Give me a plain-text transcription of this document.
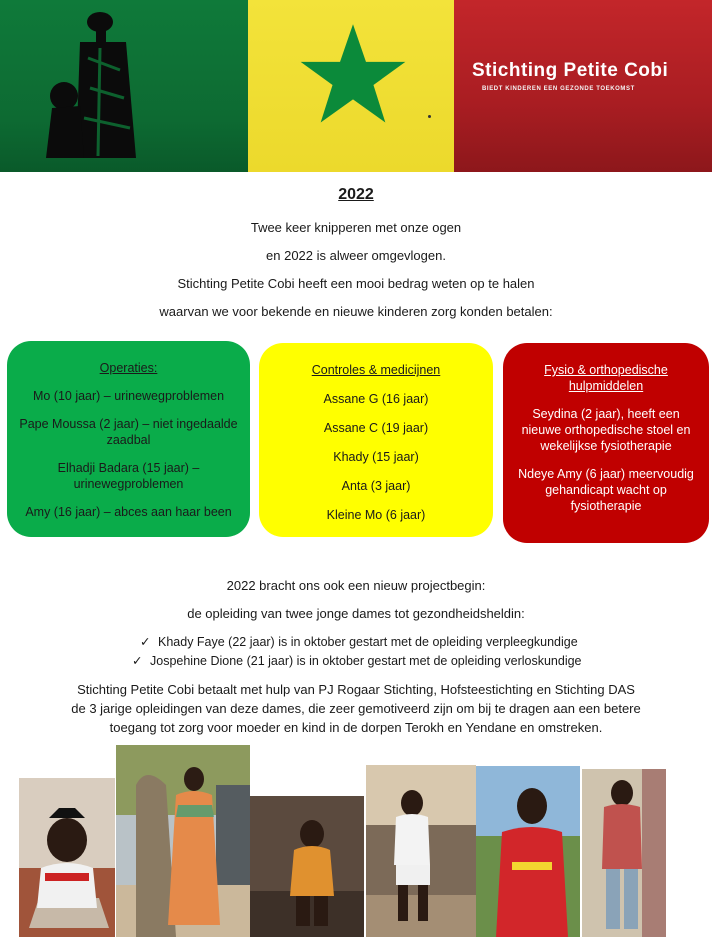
Stichting Petite Cobi
BIEDT KINDEREN EEN GEZONDE TOEKOMST
2022
Twee keer knipperen met onze ogen
en 2022 is alweer omgevlogen.
Stichting Petite Cobi heeft een mooi bedrag weten op te halen
waarvan we voor bekende en nieuwe kinderen zorg konden betalen:
Operaties:

Mo (10 jaar) – urinewegproblemen

Pape Moussa (2 jaar) – niet ingedaalde zaadbal

Elhadji Badara (15 jaar) – urinewegproblemen

Amy (16 jaar) – abces aan haar been

Controles & medicijnen

Assane G (16 jaar)

Assane C (19 jaar)

Khady (15 jaar)

Anta (3 jaar)

Kleine Mo (6 jaar)

Fysio & orthopedische hulpmiddelen

Seydina (2 jaar), heeft een nieuwe orthopedische stoel en wekelijkse fysiotherapie

Ndeye Amy (6 jaar) meervoudig gehandicapt wacht op fysiotherapie

2022 bracht ons ook een nieuw projectbegin:
de opleiding van twee jonge dames tot gezondheidsheldin:
✓ Khady Faye (22 jaar) is in oktober gestart met de opleiding verpleegkundige
✓ Jospehine Dione (21 jaar) is in oktober gestart met de opleiding verloskundige
Stichting Petite Cobi betaalt met hulp van PJ Rogaar Stichting, Hofsteestichting en Stichting DAS
de 3 jarige opleidingen van deze dames, die zeer gemotiveerd zijn om bij te dragen aan een betere
toegang tot zorg voor moeder en kind in de dorpen Terokh en Yendane en omstreken.
